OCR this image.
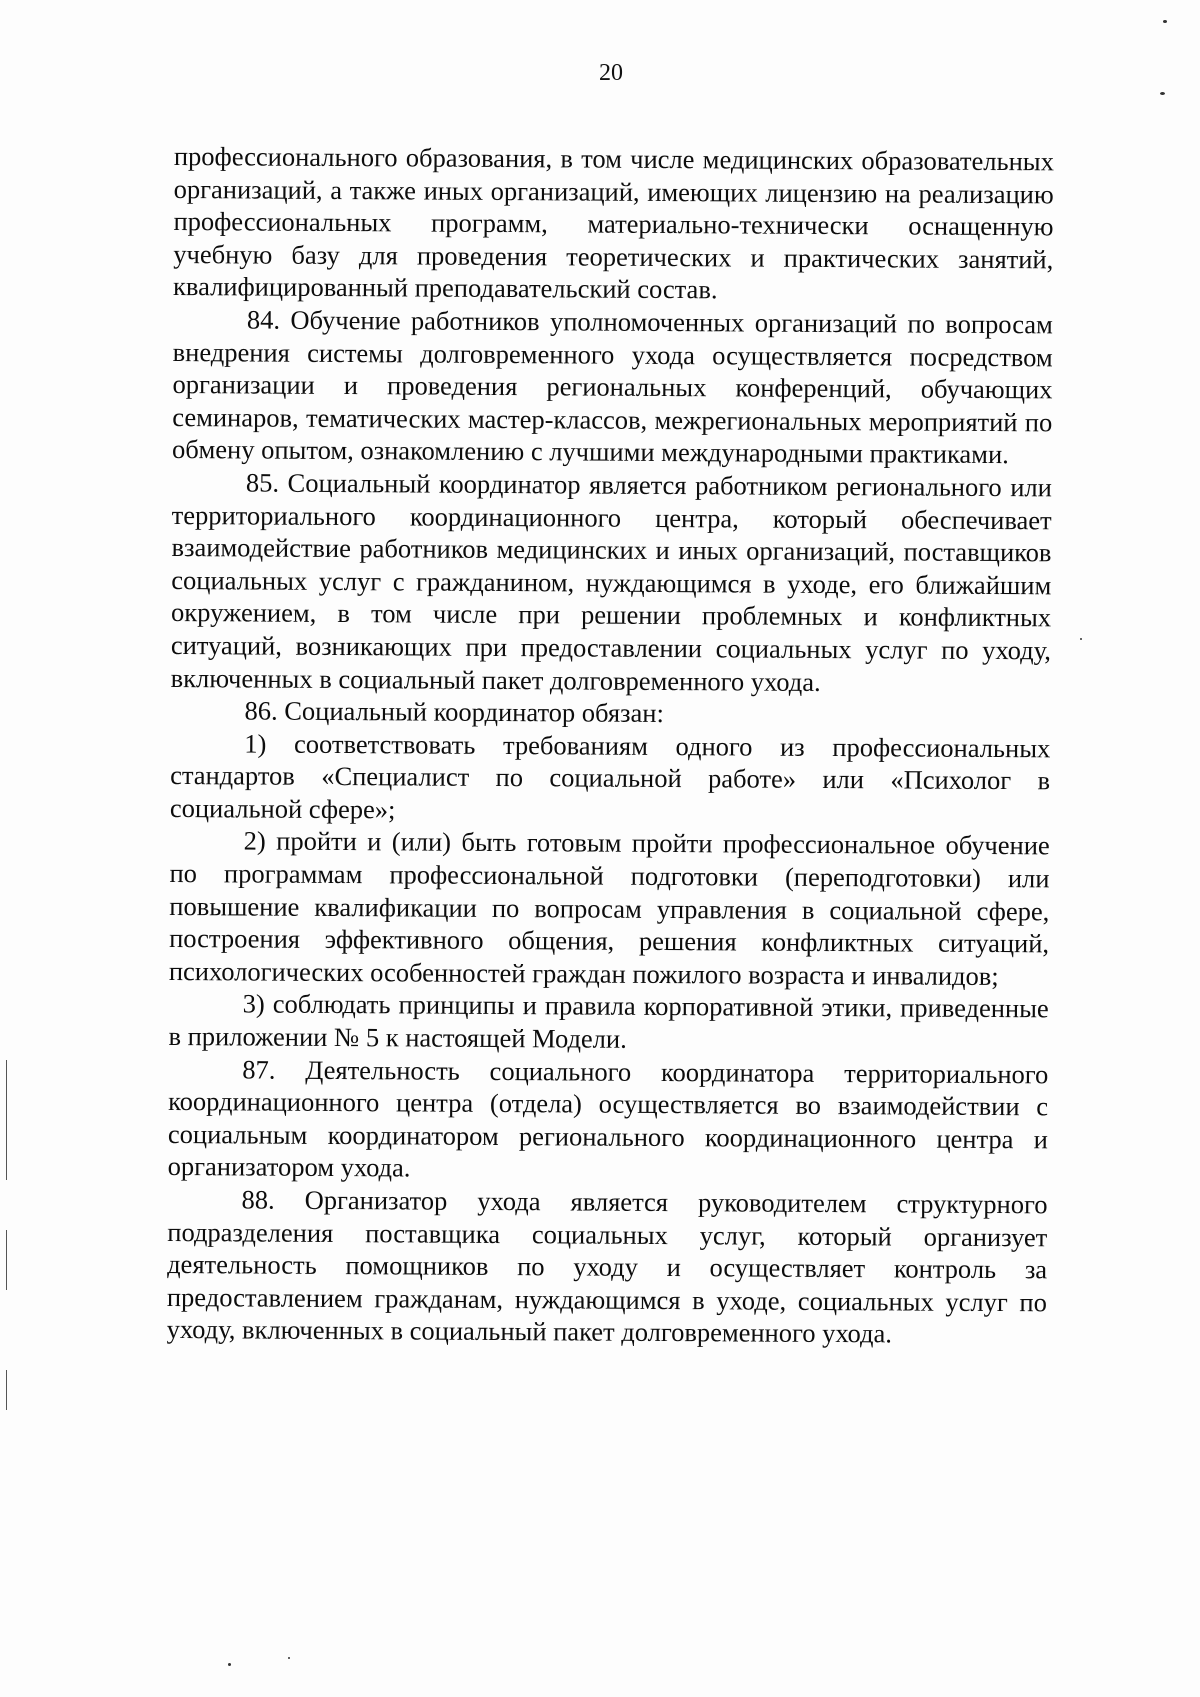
20

профессионального образования, в том числе медицинских образовательных организаций, а также иных организаций, имеющих лицензию на реализацию профессиональных программ, материально-технически оснащенную учебную базу для проведения теоретических и практических занятий, квалифицированный преподавательский состав.

84. Обучение работников уполномоченных организаций по вопросам внедрения системы долговременного ухода осуществляется посредством организации и проведения региональных конференций, обучающих семинаров, тематических мастер-классов, межрегиональных мероприятий по обмену опытом, ознакомлению с лучшими международными практиками.

85. Социальный координатор является работником регионального или территориального координационного центра, который обеспечивает взаимодействие работников медицинских и иных организаций, поставщиков социальных услуг с гражданином, нуждающимся в уходе, его ближайшим окружением, в том числе при решении проблемных и конфликтных ситуаций, возникающих при предоставлении социальных услуг по уходу, включенных в социальный пакет долговременного ухода.

86. Социальный координатор обязан:

1) соответствовать требованиям одного из профессиональных стандартов «Специалист по социальной работе» или «Психолог в социальной сфере»;

2) пройти и (или) быть готовым пройти профессиональное обучение по программам профессиональной подготовки (переподготовки) или повышение квалификации по вопросам управления в социальной сфере, построения эффективного общения, решения конфликтных ситуаций, психологических особенностей граждан пожилого возраста и инвалидов;

3) соблюдать принципы и правила корпоративной этики, приведенные в приложении № 5 к настоящей Модели.

87. Деятельность социального координатора территориального координационного центра (отдела) осуществляется во взаимодействии с социальным координатором регионального координационного центра и организатором ухода.

88. Организатор ухода является руководителем структурного подразделения поставщика социальных услуг, который организует деятельность помощников по уходу и осуществляет контроль за предоставлением гражданам, нуждающимся в уходе, социальных услуг по уходу, включенных в социальный пакет долговременного ухода.
